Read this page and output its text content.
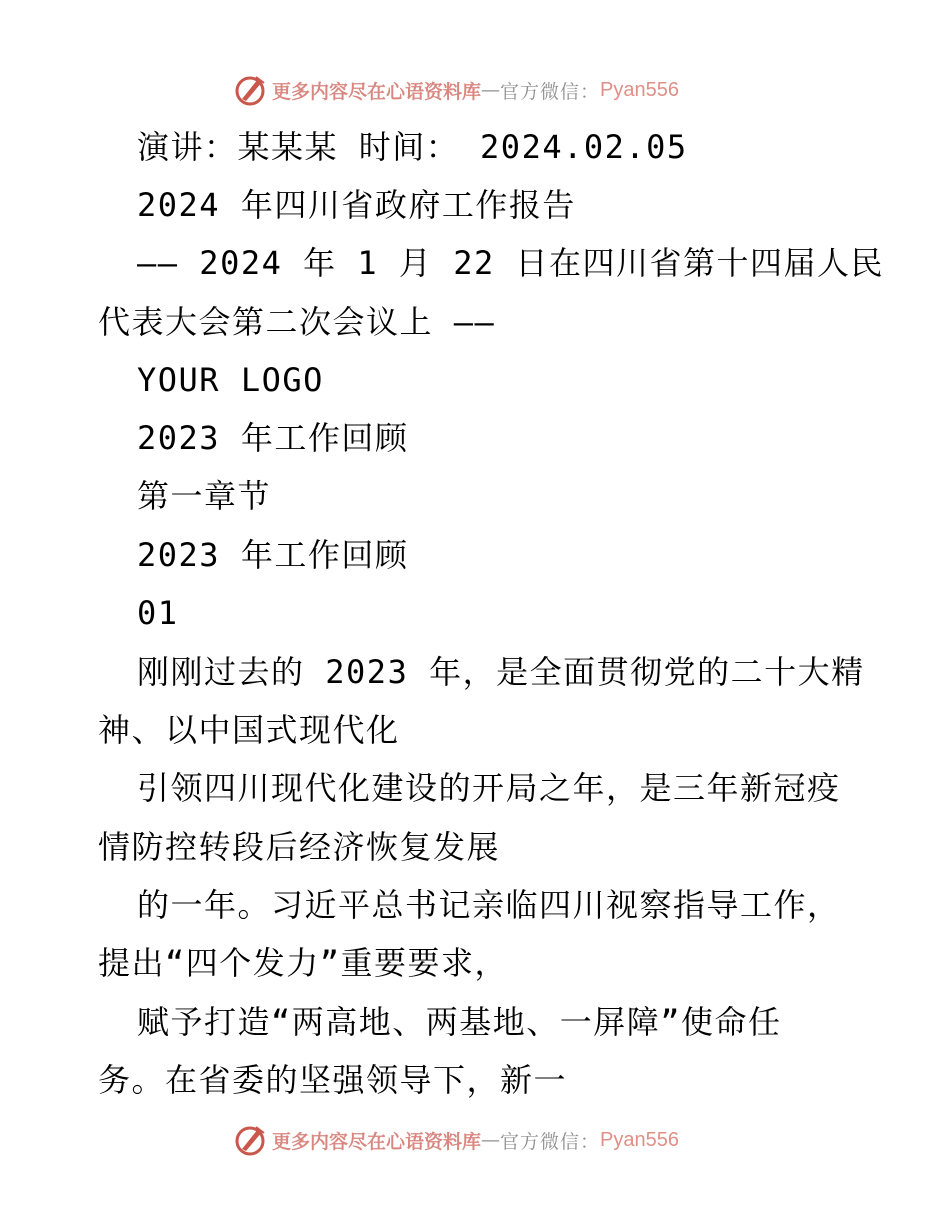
更多内容尽在心语资料库 — 官方微信： Pyan556
演讲：某某某 时间： 2024.02.05
2024 年四川省政府工作报告
—— 2024 年 1 月 22 日在四川省第十四届人民
代表大会第二次会议上 ——
YOUR LOGO
2023 年工作回顾
第一章节
2023 年工作回顾
01
刚刚过去的 2023 年，是全面贯彻党的二十大精
神、以中国式现代化
引领四川现代化建设的开局之年，是三年新冠疫
情防控转段后经济恢复发展
的一年。习近平总书记亲临四川视察指导工作，
提出“四个发力”重要要求，
赋予打造“两高地、两基地、一屏障”使命任
务。在省委的坚强领导下，新一
更多内容尽在心语资料库 — 官方微信： Pyan556
